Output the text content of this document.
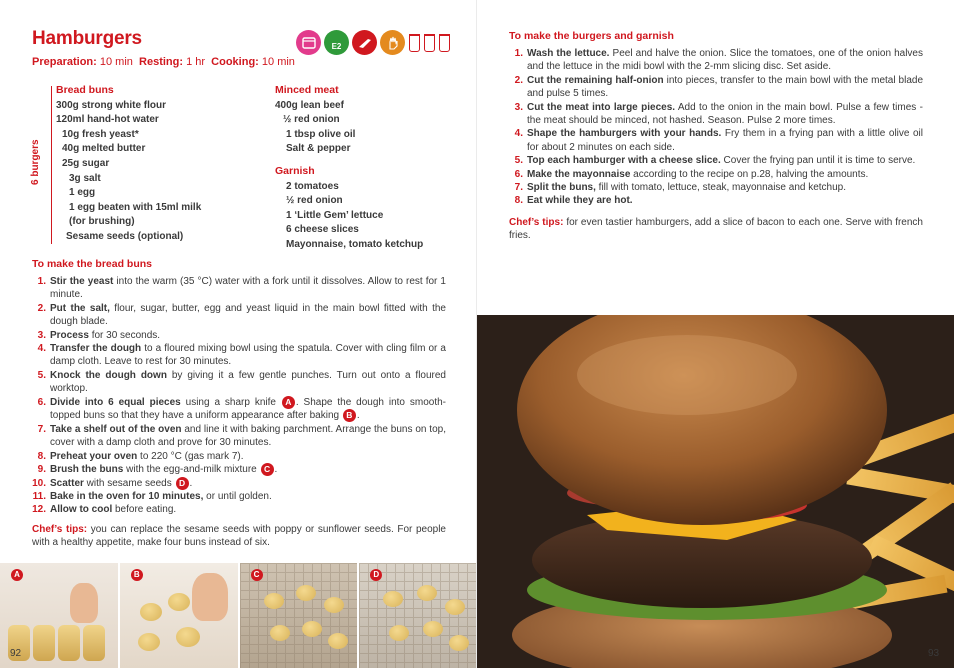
Hamburgers	E2
Preparation: 10 min Resting: 1 hr Cooking: 10 min
6 burgers
Bread buns
300g strong white flour
120ml hand-hot water
10g fresh yeast*
40g melted butter
25g sugar
3g salt
1 egg
1 egg beaten with 15ml milk
(for brushing)
Sesame seeds (optional)
Minced meat
400g lean beef
½ red onion
1 tbsp olive oil
Salt & pepper
Garnish
2 tomatoes
½ red onion
1 ‘Little Gem’ lettuce
6 cheese slices
Mayonnaise, tomato ketchup
To make the bread buns
1. Stir the yeast into the warm (35 °C) water with a fork until it dissolves. Allow to rest for 1 minute.
2. Put the salt, flour, sugar, butter, egg and yeast liquid in the main bowl fitted with the dough blade.
3. Process for 30 seconds.
4. Transfer the dough to a floured mixing bowl using the spatula. Cover with cling film or a damp cloth. Leave to rest for 30 minutes.
5. Knock the dough down by giving it a few gentle punches. Turn out onto a floured worktop.
6. Divide into 6 equal pieces using a sharp knife A . Shape the dough into smooth-topped buns so that they have a uniform appearance after baking B .
7. Take a shelf out of the oven and line it with baking parchment. Arrange the buns on top, cover with a damp cloth and prove for 30 minutes.
8. Preheat your oven to 220 °C (gas mark 7).
9. Brush the buns with the egg-and-milk mixture C .
10. Scatter with sesame seeds D .
11. Bake in the oven for 10 minutes, or until golden.
12. Allow to cool before eating.
Chef’s tips: you can replace the sesame seeds with poppy or sunflower seeds. For people with a healthy appetite, make four buns instead of six.
A	B	C	D
92
To make the burgers and garnish
1. Wash the lettuce. Peel and halve the onion. Slice the tomatoes, one of the onion halves and the lettuce in the midi bowl with the 2-mm slicing disc. Set aside.
2. Cut the remaining half-onion into pieces, transfer to the main bowl with the metal blade and pulse 5 times.
3. Cut the meat into large pieces. Add to the onion in the main bowl. Pulse a few times - the meat should be minced, not hashed. Season. Pulse 2 more times.
4. Shape the hamburgers with your hands. Fry them in a frying pan with a little olive oil for about 2 minutes on each side.
5. Top each hamburger with a cheese slice. Cover the frying pan until it is time to serve.
6. Make the mayonnaise according to the recipe on p.28, halving the amounts.
7. Split the buns, fill with tomato, lettuce, steak, mayonnaise and ketchup.
8. Eat while they are hot.
Chef’s tips: for even tastier hamburgers, add a slice of bacon to each one. Serve with french fries.
93
